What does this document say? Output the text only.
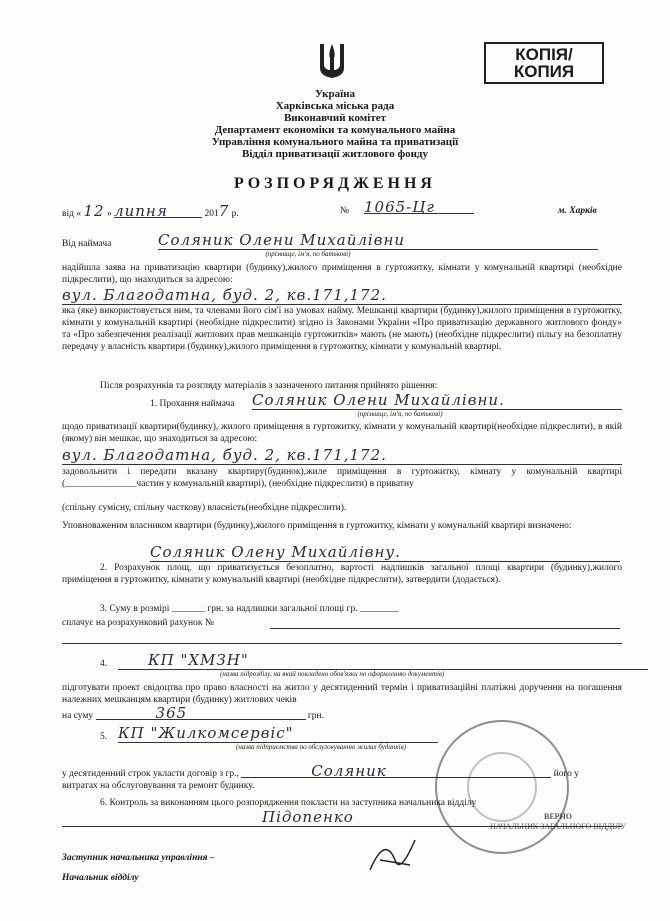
КОПІЯ/
КОПИЯ
Україна
Харківська міська рада
Виконавчий комітет
Департамент економіки та комунального майна
Управління комунального майна та приватизації
Відділ приватизації житлового фонду
РОЗПОРЯДЖЕННЯ
від « 12 » липня	2017 р.	№ 1065-Цг	м. Харків
Від наймача	Соляник Олени Михайлівни
(прізвище, ім'я, по батькові)
надійшла заява на приватизацію квартири (будинку),жилого приміщення в гуртожитку, кімнати у комунальній квартирі (необхідне підкреслити), що знаходиться за адресою:
вул. Благодатна, буд. 2, кв.171,172.
яка (яке) використовується ним, та членами його сім'ї на умовах найму. Мешканці квартири (будинку),жилого приміщення в гуртожитку, кімнати у комунальній квартирі (необхідне підкреслити) згідно із Законами України «Про приватизацію державного житлового фонду» та «Про забезпечення реалізації житлових прав мешканців гуртожитків» мають (не мають) (необхідне підкреслити) пільгу на безоплатну передачу у власність квартири (будинку),жилого приміщення в гуртожитку, кімнати у комунальній квартирі.
Після розрахунків та розгляду матеріалів з зазначеного питання прийнято рішення:
1. Прохання наймача Соляник Олени Михайлівни.
(прізвище, ім'я, по батькові)
щодо приватизації квартири(будинку), жилого приміщення в гуртожитку, кімнати у комунальній квартирі(необхідне підкреслити), в якій (якому) він мешкає, що знаходиться за адресою:
вул. Благодатна, буд. 2, кв.171,172.
задовольнити і передати вказану квартиру(будинок),жиле приміщення в гуртожитку, кімнату у комунальній квартирі (_______________частин у комунальній квартирі), (необхідне підкреслити) в приватну
(спільну сумісну, спільну часткову) власність(необхідне підкреслити).
Уповноваженим власником квартири (будинку),жилого приміщення в гуртожитку, кімнати у комунальній квартирі визначено:
Соляник Олену Михайлівну.
2. Розрахунок площ, що приватизується безоплатно, вартості надлишків загальної площі квартири (будинку),жилого приміщення в гуртожитку, кімнати у комунальній квартирі (необхідне підкреслити), затвердити (додається).
3. Суму в розмірі _______ грн. за надлишки загальної площі гр. ________
сплачує на розрахунковий рахунок №
4.	КП "ХМЗН"
(назва підрозділу, на який покладено обов'язки по оформленню документів)
підготувати проект свідоцтва про право власності на житло у десятиденний термін і приватизаційні платіжні доручення на погашення належних мешканцям квартири (будинку) житлових чеків
на суму	365	грн.
5. КП "Жилкомсервіс"
(назва підприємства по обслуговуванню жилих будинків)
у десятиденний строк укласти договір з гр.,	Соляник	його у
витратах на обслуговування та ремонт будинку.
6. Контроль за виконанням цього розпорядження покласти на заступника начальника відділу
Підопенко
Заступник начальника управління –
Начальник відділу
ВЕРНО
НАЧАЛЬНИК ЗАГАЛЬНОГО ВІДДІЛУ
